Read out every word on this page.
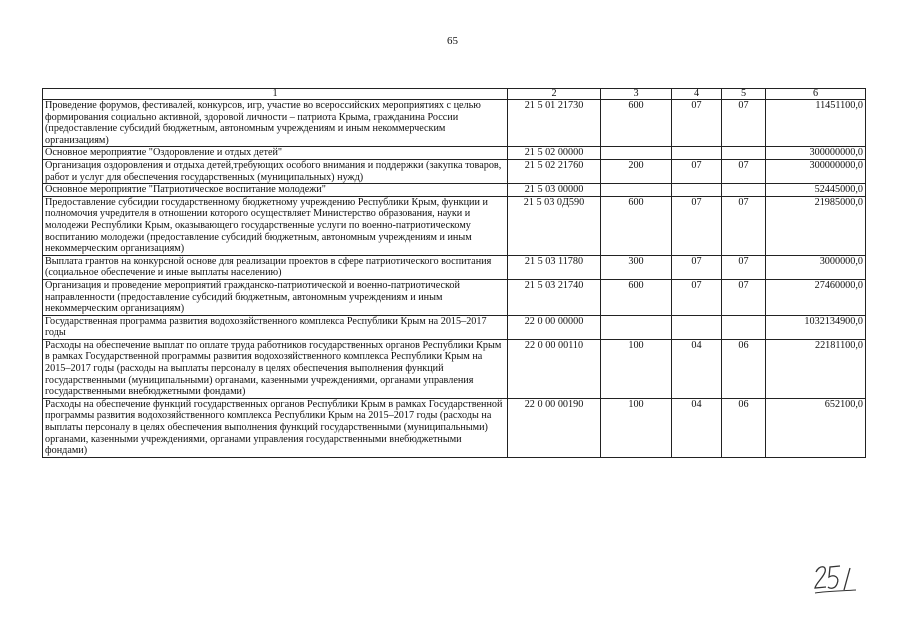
65
1	2	3	4	5	6
Проведение форумов, фестивалей, конкурсов, игр, участие во всероссийских мероприятиях с целью формирования социально активной, здоровой личности – патриота Крыма, гражданина России (предоставление субсидий бюджетным, автономным учреждениям и иным некоммерческим организациям)	21 5 01 21730	600	07	07	11451100,0
Основное мероприятие "Оздоровление и отдых детей"	21 5 02 00000				300000000,0
Организация оздоровления и отдыха детей,требующих особого внимания и поддержки (закупка товаров, работ и услуг для обеспечения государственных (муниципальных) нужд)	21 5 02 21760	200	07	07	300000000,0
Основное мероприятие "Патриотическое воспитание молодежи"	21 5 03 00000				52445000,0
Предоставление субсидии государственному бюджетному учреждению Республики Крым, функции и полномочия учредителя в отношении которого осуществляет Министерство образования, науки и молодежи Республики Крым, оказывающего государственные услуги по военно-патриотическому воспитанию молодежи (предоставление субсидий бюджетным, автономным учреждениям и иным некоммерческим организациям)	21 5 03 0Д590	600	07	07	21985000,0
Выплата грантов на конкурсной основе для реализации проектов в сфере патриотического воспитания (социальное обеспечение и иные выплаты населению)	21 5 03 11780	300	07	07	3000000,0
Организация и проведение мероприятий гражданско-патриотической и военно-патриотической направленности (предоставление субсидий бюджетным, автономным учреждениям и иным некоммерческим организациям)	21 5 03 21740	600	07	07	27460000,0
Государственная программа развития водохозяйственного комплекса Республики Крым на 2015–2017 годы	22 0 00 00000				1032134900,0
Расходы на обеспечение выплат по оплате труда работников государственных органов Республики Крым в рамках Государственной программы развития водохозяйственного комплекса Республики Крым на 2015–2017 годы (расходы на выплаты персоналу в целях обеспечения выполнения функций государственными (муниципальными) органами, казенными учреждениями, органами управления государственными внебюджетными фондами)	22 0 00 00110	100	04	06	22181100,0
Расходы на обеспечение функций государственных органов Республики Крым в рамках Государственной программы развития водохозяйственного комплекса Республики Крым на 2015–2017 годы (расходы на выплаты персоналу в целях обеспечения выполнения функций государственными (муниципальными) органами, казенными учреждениями, органами управления государственными внебюджетными фондами)	22 0 00 00190	100	04	06	652100,0
